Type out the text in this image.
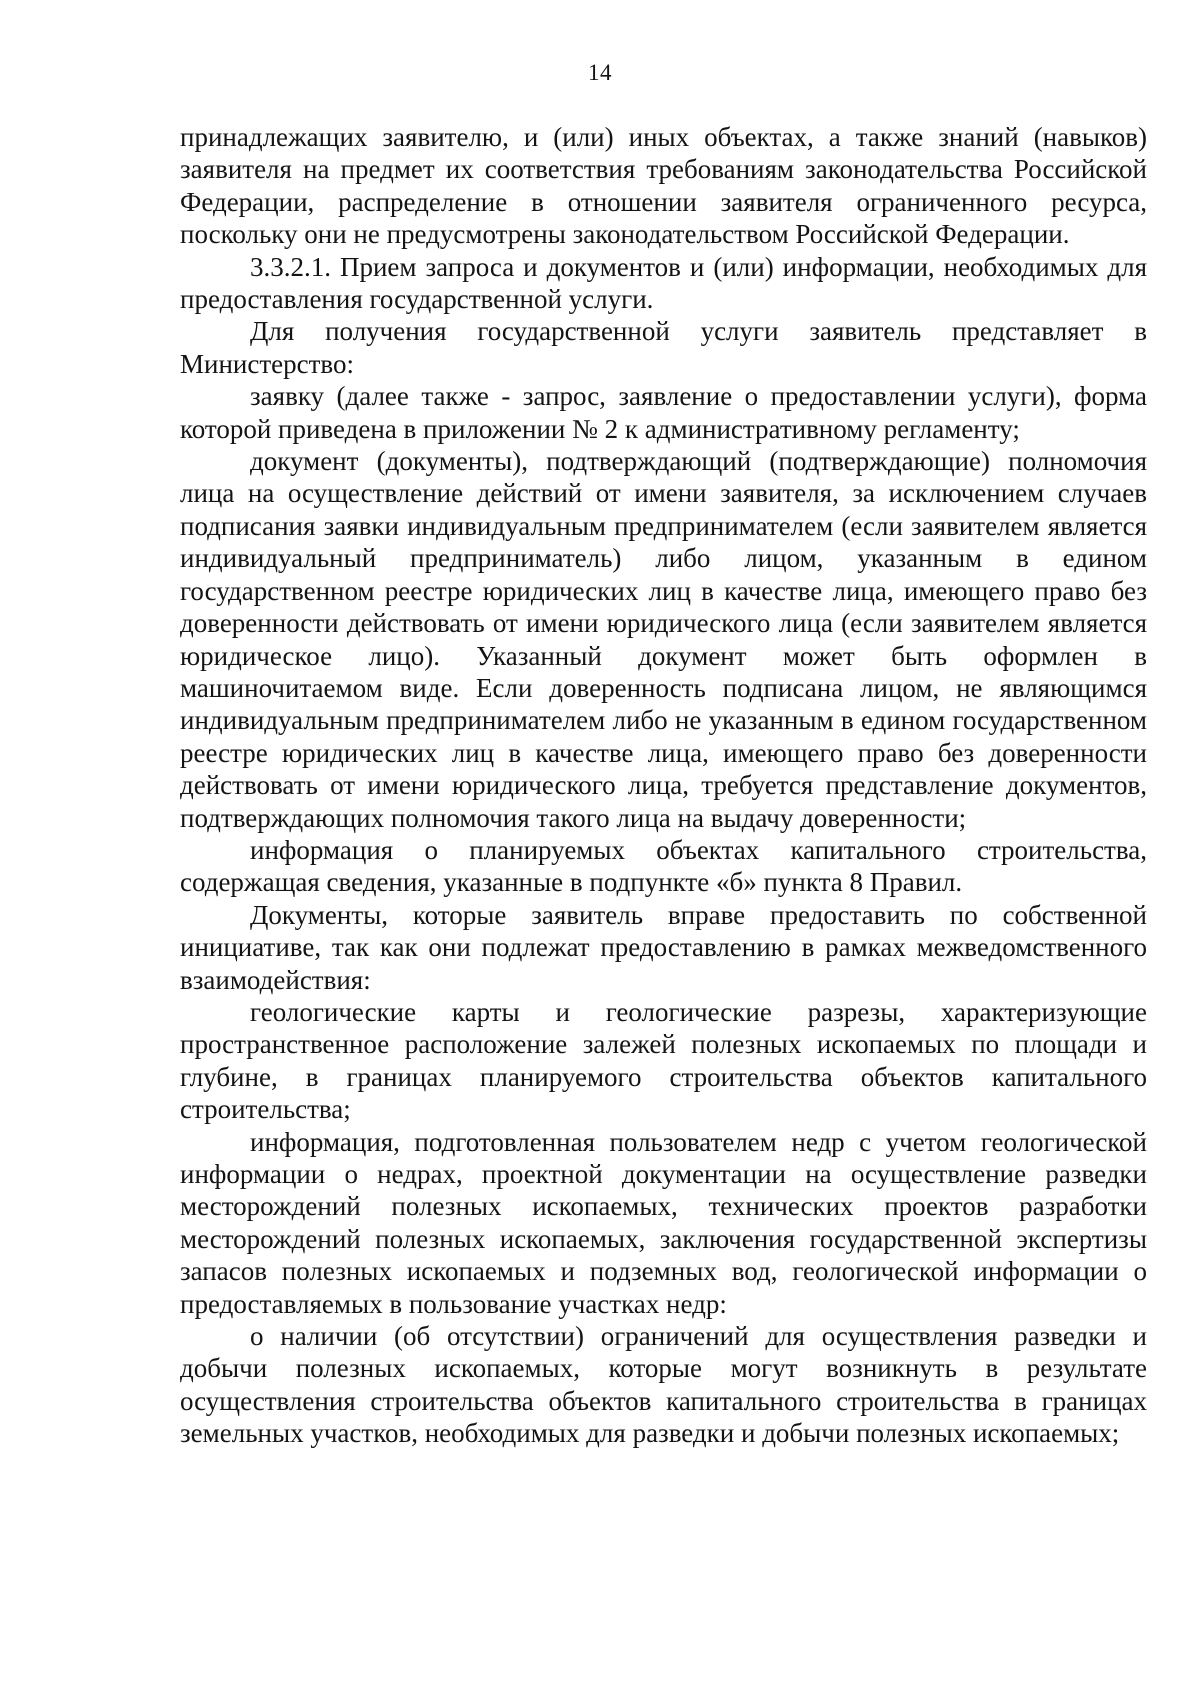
14

принадлежащих заявителю, и (или) иных объектах, а также знаний (навыков) заявителя на предмет их соответствия требованиям законодательства Российской Федерации, распределение в отношении заявителя ограниченного ресурса, поскольку они не предусмотрены законодательством Российской Федерации.

3.3.2.1. Прием запроса и документов и (или) информации, необходимых для предоставления государственной услуги.

Для получения государственной услуги заявитель представляет в Министерство:

заявку (далее также - запрос, заявление о предоставлении услуги), форма которой приведена в приложении № 2 к административному регламенту;

документ (документы), подтверждающий (подтверждающие) полномочия лица на осуществление действий от имени заявителя, за исключением случаев подписания заявки индивидуальным предпринимателем (если заявителем является индивидуальный предприниматель) либо лицом, указанным в едином государственном реестре юридических лиц в качестве лица, имеющего право без доверенности действовать от имени юридического лица (если заявителем является юридическое лицо). Указанный документ может быть оформлен в машиночитаемом виде. Если доверенность подписана лицом, не являющимся индивидуальным предпринимателем либо не указанным в едином государственном реестре юридических лиц в качестве лица, имеющего право без доверенности действовать от имени юридического лица, требуется представление документов, подтверждающих полномочия такого лица на выдачу доверенности;

информация о планируемых объектах капитального строительства, содержащая сведения, указанные в подпункте «б» пункта 8 Правил.

Документы, которые заявитель вправе предоставить по собственной инициативе, так как они подлежат предоставлению в рамках межведомственного взаимодействия:

геологические карты и геологические разрезы, характеризующие пространственное расположение залежей полезных ископаемых по площади и глубине, в границах планируемого строительства объектов капитального строительства;

информация, подготовленная пользователем недр с учетом геологической информации о недрах, проектной документации на осуществление разведки месторождений полезных ископаемых, технических проектов разработки месторождений полезных ископаемых, заключения государственной экспертизы запасов полезных ископаемых и подземных вод, геологической информации о предоставляемых в пользование участках недр:

о наличии (об отсутствии) ограничений для осуществления разведки и добычи полезных ископаемых, которые могут возникнуть в результате осуществления строительства объектов капитального строительства в границах земельных участков, необходимых для разведки и добычи полезных ископаемых;
